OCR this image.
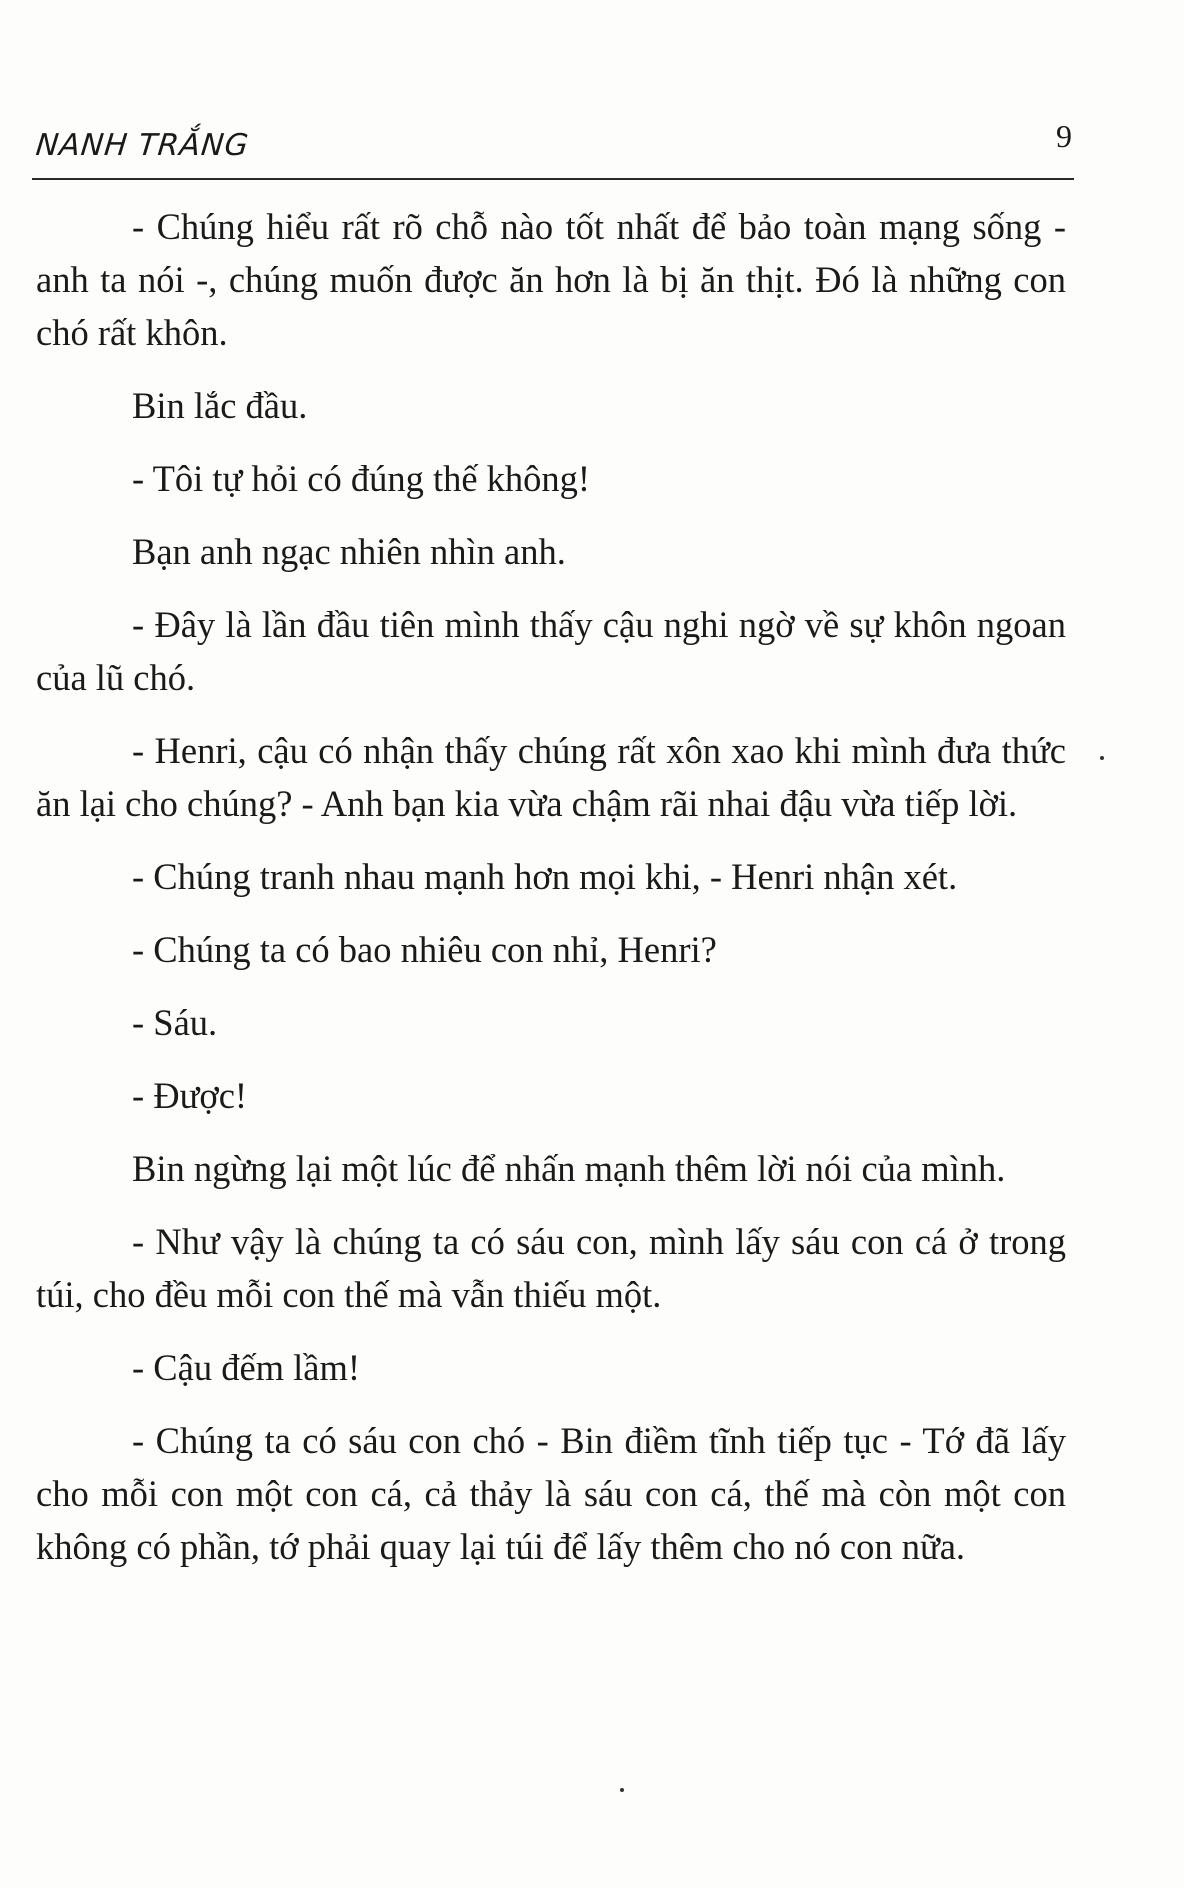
NANH TRẮNG	9

- Chúng hiểu rất rõ chỗ nào tốt nhất để bảo toàn mạng sống - anh ta nói -, chúng muốn được ăn hơn là bị ăn thịt. Đó là những con chó rất khôn.

Bin lắc đầu.

- Tôi tự hỏi có đúng thế không!

Bạn anh ngạc nhiên nhìn anh.

- Đây là lần đầu tiên mình thấy cậu nghi ngờ về sự khôn ngoan của lũ chó.

- Henri, cậu có nhận thấy chúng rất xôn xao khi mình đưa thức ăn lại cho chúng? - Anh bạn kia vừa chậm rãi nhai đậu vừa tiếp lời.

- Chúng tranh nhau mạnh hơn mọi khi, - Henri nhận xét.

- Chúng ta có bao nhiêu con nhỉ, Henri?

- Sáu.

- Được!

Bin ngừng lại một lúc để nhấn mạnh thêm lời nói của mình.

- Như vậy là chúng ta có sáu con, mình lấy sáu con cá ở trong túi, cho đều mỗi con thế mà vẫn thiếu một.

- Cậu đếm lầm!

- Chúng ta có sáu con chó - Bin điềm tĩnh tiếp tục - Tớ đã lấy cho mỗi con một con cá, cả thảy là sáu con cá, thế mà còn một con không có phần, tớ phải quay lại túi để lấy thêm cho nó con nữa.
